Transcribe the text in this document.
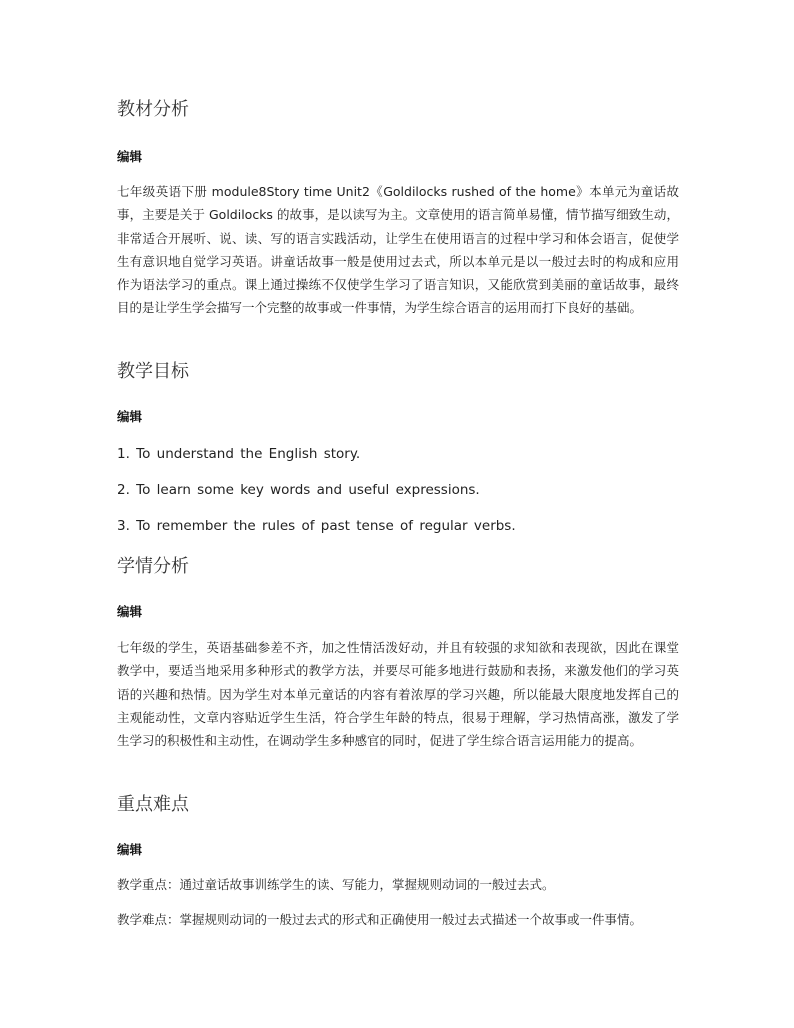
教材分析
编辑

七年级英语下册 module8Story time Unit2《Goldilocks rushed of the home》本单元为童话故事，主要是关于 Goldilocks 的故事，是以读写为主。文章使用的语言简单易懂，情节描写细致生动，非常适合开展听、说、读、写的语言实践活动，让学生在使用语言的过程中学习和体会语言，促使学生有意识地自觉学习英语。讲童话故事一般是使用过去式，所以本单元是以一般过去时的构成和应用作为语法学习的重点。课上通过操练不仅使学生学习了语言知识，又能欣赏到美丽的童话故事，最终目的是让学生学会描写一个完整的故事或一件事情，为学生综合语言的运用而打下良好的基础。

教学目标
编辑

1. To understand the English story.

2. To learn some key words and useful expressions.

3. To remember the rules of past tense of regular verbs.

学情分析
编辑

七年级的学生，英语基础参差不齐，加之性情活泼好动，并且有较强的求知欲和表现欲，因此在课堂教学中，要适当地采用多种形式的教学方法，并要尽可能多地进行鼓励和表扬，来激发他们的学习英语的兴趣和热情。因为学生对本单元童话的内容有着浓厚的学习兴趣，所以能最大限度地发挥自己的主观能动性，文章内容贴近学生生活，符合学生年龄的特点，很易于理解，学习热情高涨，激发了学生学习的积极性和主动性，在调动学生多种感官的同时，促进了学生综合语言运用能力的提高。

重点难点
编辑

教学重点：通过童话故事训练学生的读、写能力，掌握规则动词的一般过去式。

教学难点：掌握规则动词的一般过去式的形式和正确使用一般过去式描述一个故事或一件事情。
